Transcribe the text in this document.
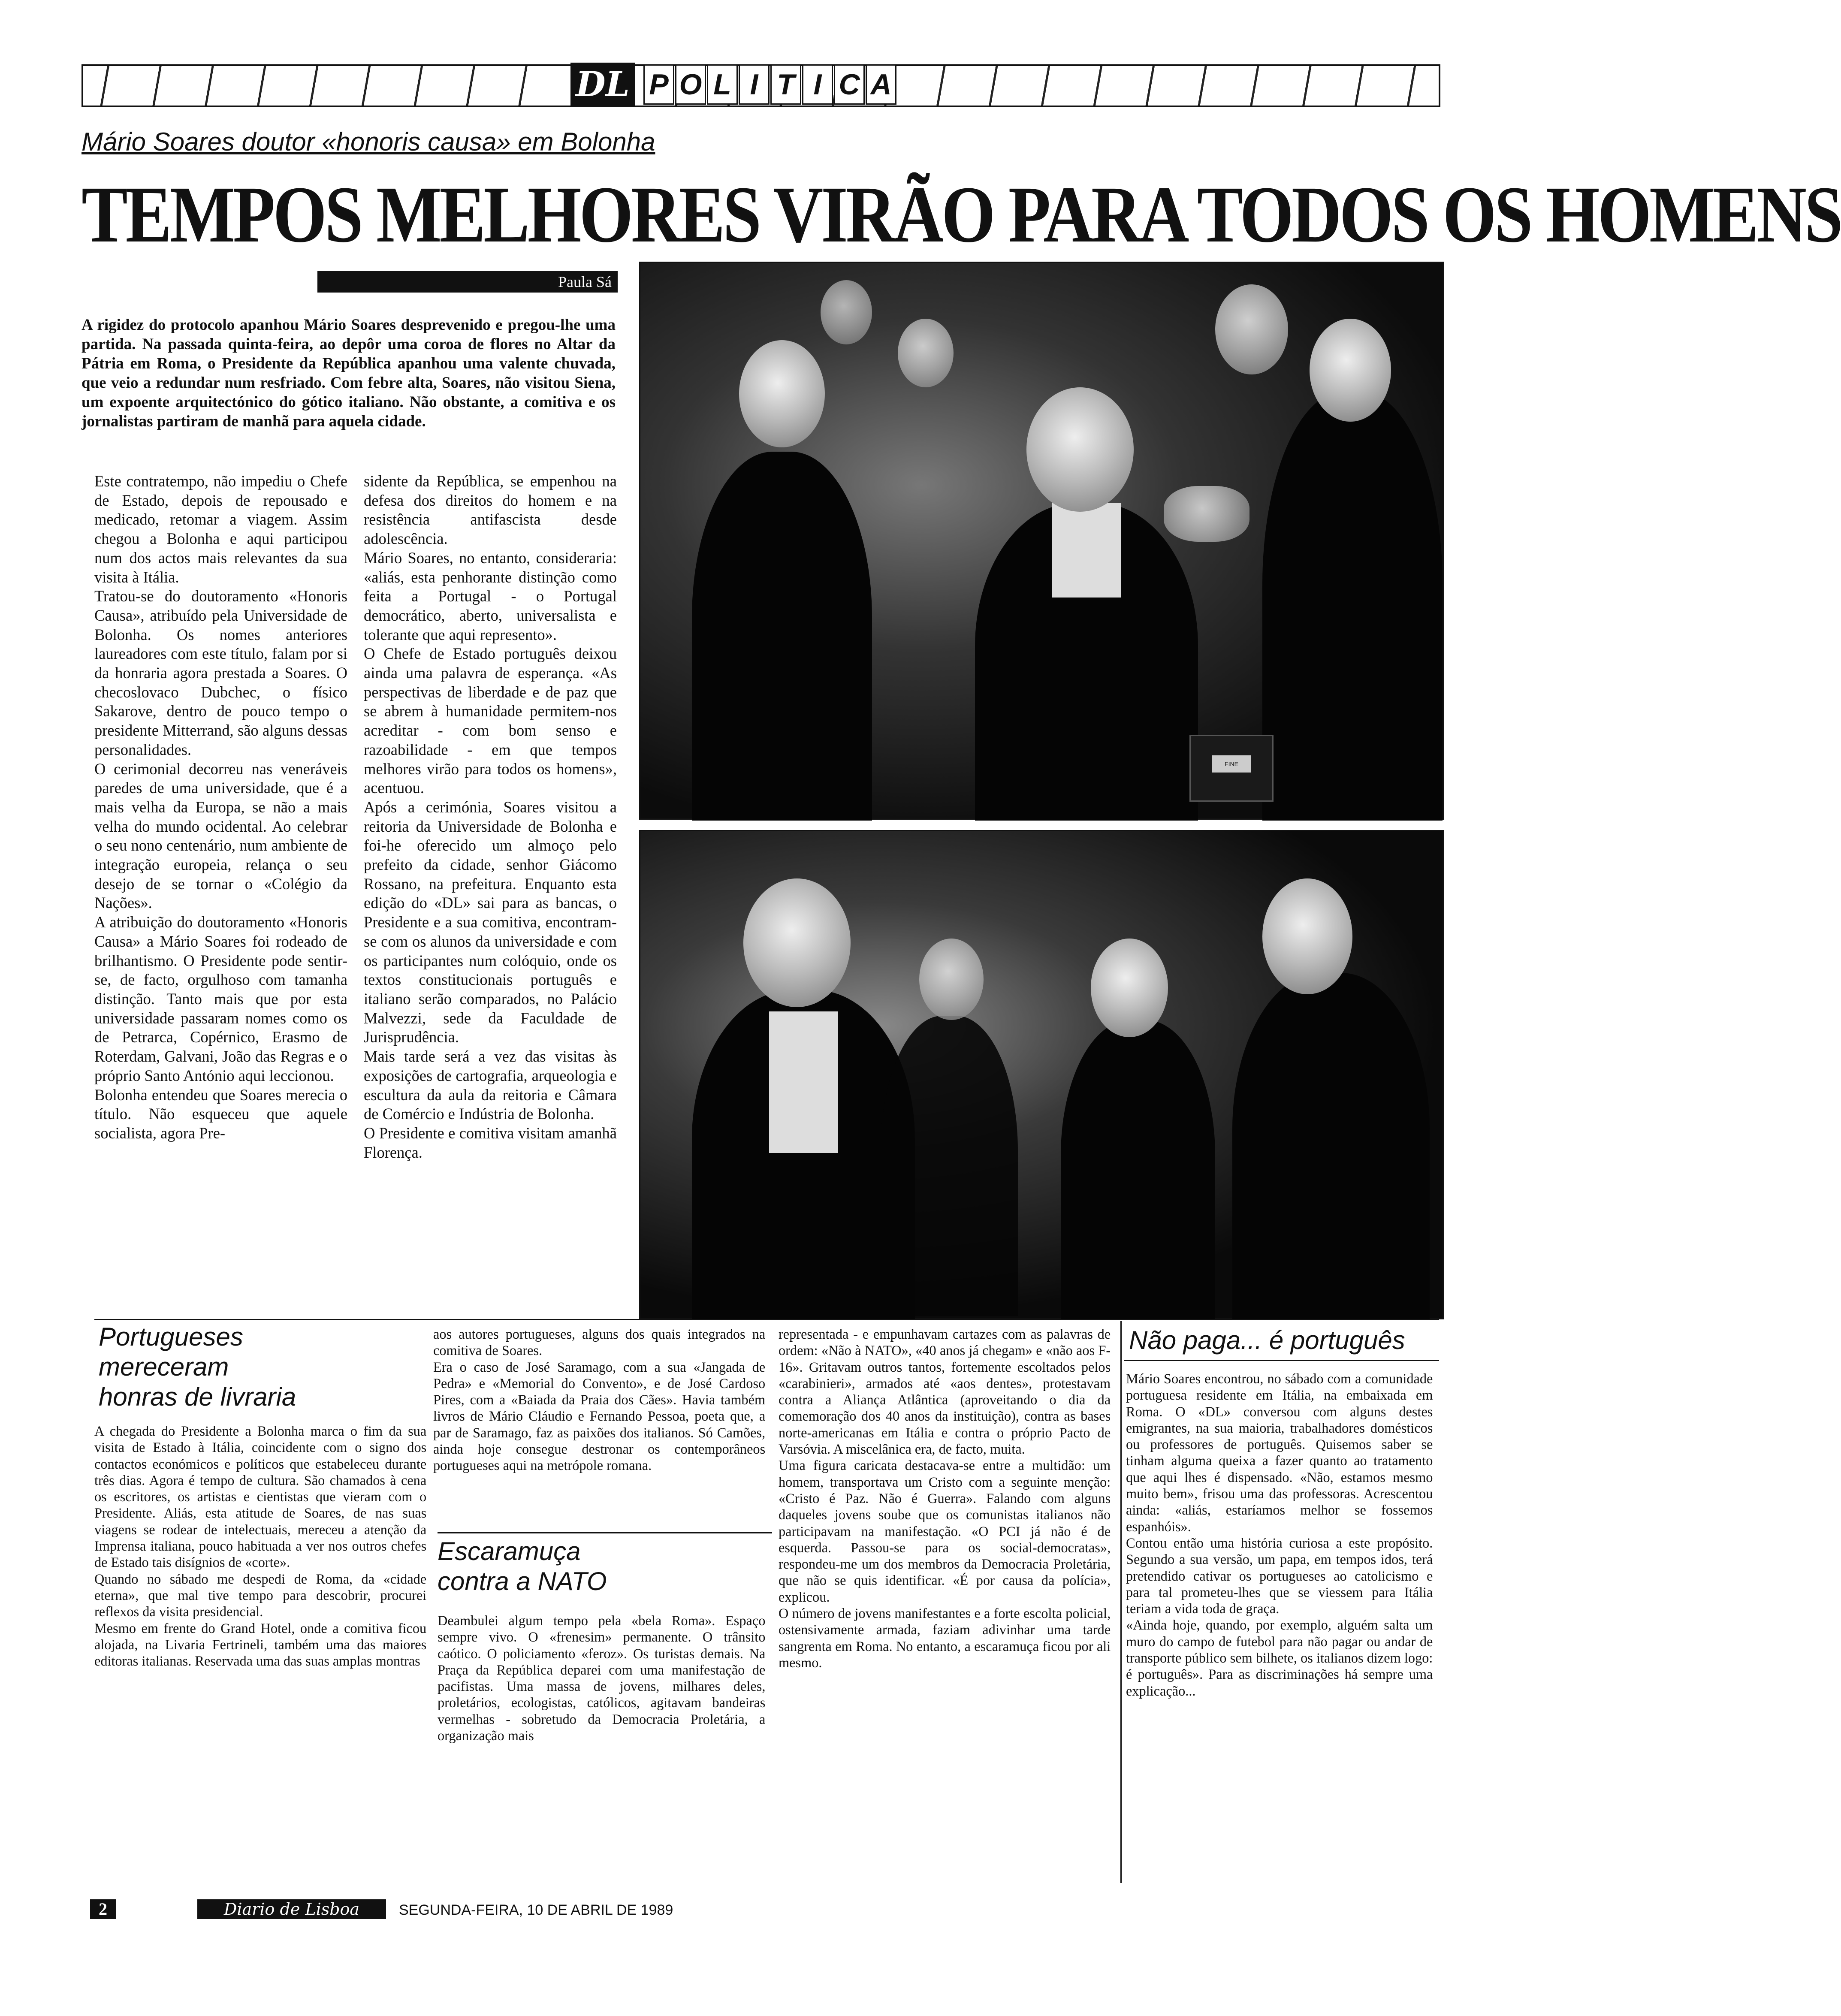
DL P O L I T I C A
Mário Soares doutor «honoris causa» em Bolonha
TEMPOS MELHORES VIRÃO PARA TODOS OS HOMENS
Paula Sá
A rigidez do protocolo apanhou Mário Soares desprevenido e pregou-lhe uma partida. Na passada quinta-feira, ao depôr uma coroa de flores no Altar da Pátria em Roma, o Presidente da República apanhou uma valente chuvada, que veio a redundar num resfriado. Com febre alta, Soares, não visitou Siena, um expoente arquitectónico do gótico italiano. Não obstante, a comitiva e os jornalistas partiram de manhã para aquela cidade.

Este contratempo, não impediu o Chefe de Estado, depois de repousado e medicado, retomar a viagem. Assim chegou a Bolonha e aqui participou num dos actos mais relevantes da sua visita à Itália.

Tratou-se do doutoramento «Honoris Causa», atribuído pela Universidade de Bolonha. Os nomes anteriores laureadores com este título, falam por si da honraria agora prestada a Soares. O checoslovaco Dubchec, o físico Sakarove, dentro de pouco tempo o presidente Mitterrand, são alguns dessas personalidades.

O cerimonial decorreu nas veneráveis paredes de uma universidade, que é a mais velha da Europa, se não a mais velha do mundo ocidental. Ao celebrar o seu nono centenário, num ambiente de integração europeia, relança o seu desejo de se tornar o «Colégio da Nações».

A atribuição do doutoramento «Honoris Causa» a Mário Soares foi rodeado de brilhantismo. O Presidente pode sentir-se, de facto, orgulhoso com tamanha distinção. Tanto mais que por esta universidade passaram nomes como os de Petrarca, Copérnico, Erasmo de Roterdam, Galvani, João das Regras e o próprio Santo António aqui leccionou.

Bolonha entendeu que Soares merecia o título. Não esqueceu que aquele socialista, agora Pre-

sidente da República, se empenhou na defesa dos direitos do homem e na resistência antifascista desde adolescência.

Mário Soares, no entanto, consideraria: «aliás, esta penhorante distinção como feita a Portugal - o Portugal democrático, aberto, universalista e tolerante que aqui represento».

O Chefe de Estado português deixou ainda uma palavra de esperança. «As perspectivas de liberdade e de paz que se abrem à humanidade permitem-nos acreditar - com bom senso e razoabilidade - em que tempos melhores virão para todos os homens», acentuou.

Após a cerimónia, Soares visitou a reitoria da Universidade de Bolonha e foi-he oferecido um almoço pelo prefeito da cidade, senhor Giácomo Rossano, na prefeitura. Enquanto esta edição do «DL» sai para as bancas, o Presidente e a sua comitiva, encontram-se com os alunos da universidade e com os participantes num colóquio, onde os textos constitucionais português e italiano serão comparados, no Palácio Malvezzi, sede da Faculdade de Jurisprudência.

Mais tarde será a vez das visitas às exposições de cartografia, arqueologia e escultura da aula da reitoria e Câmara de Comércio e Indústria de Bolonha.

O Presidente e comitiva visitam amanhã Florença.

FINE
Portugueses
mereceram
honras de livraria

A chegada do Presidente a Bolonha marca o fim da sua visita de Estado à Itália, coincidente com o signo dos contactos económicos e políticos que estabeleceu durante três dias. Agora é tempo de cultura. São chamados à cena os escritores, os artistas e cientistas que vieram com o Presidente. Aliás, esta atitude de Soares, de nas suas viagens se rodear de intelectuais, mereceu a atenção da Imprensa italiana, pouco habituada a ver nos outros chefes de Estado tais disígnios de «corte».

Quando no sábado me despedi de Roma, da «cidade eterna», que mal tive tempo para descobrir, procurei reflexos da visita presidencial.

Mesmo em frente do Grand Hotel, onde a comitiva ficou alojada, na Livaria Fertrineli, também uma das maiores editoras italianas. Reservada uma das suas amplas montras

aos autores portugueses, alguns dos quais integrados na comitiva de Soares.

Era o caso de José Saramago, com a sua «Jangada de Pedra» e «Memorial do Convento», e de José Cardoso Pires, com a «Baiada da Praia dos Cães». Havia também livros de Mário Cláudio e Fernando Pessoa, poeta que, a par de Saramago, faz as paixões dos italianos. Só Camões, ainda hoje consegue destronar os contemporâneos portugueses aqui na metrópole romana.

Escaramuça
contra a NATO

Deambulei algum tempo pela «bela Roma». Espaço sempre vivo. O «frenesim» permanente. O trânsito caótico. O policiamento «feroz». Os turistas demais. Na Praça da República deparei com uma manifestação de pacifistas. Uma massa de jovens, milhares deles, proletários, ecologistas, católicos, agitavam bandeiras vermelhas - sobretudo da Democracia Proletária, a organização mais

representada - e empunhavam cartazes com as palavras de ordem: «Não à NATO», «40 anos já chegam» e «não aos F-16». Gritavam outros tantos, fortemente escoltados pelos «carabinieri», armados até «aos dentes», protestavam contra a Aliança Atlântica (aproveitando o dia da comemoração dos 40 anos da instituição), contra as bases norte-americanas em Itália e contra o próprio Pacto de Varsóvia. A miscelânica era, de facto, muita.

Uma figura caricata destacava-se entre a multidão: um homem, transportava um Cristo com a seguinte menção: «Cristo é Paz. Não é Guerra». Falando com alguns daqueles jovens soube que os comunistas italianos não participavam na manifestação. «O PCI já não é de esquerda. Passou-se para os social-democratas», respondeu-me um dos membros da Democracia Proletária, que não se quis identificar. «É por causa da polícia», explicou.

O número de jovens manifestantes e a forte escolta policial, ostensivamente armada, faziam adivinhar uma tarde sangrenta em Roma. No entanto, a escaramuça ficou por ali mesmo.

Não paga... é português

Mário Soares encontrou, no sábado com a comunidade portuguesa residente em Itália, na embaixada em Roma. O «DL» conversou com alguns destes emigrantes, na sua maioria, trabalhadores domésticos ou professores de português. Quisemos saber se tinham alguma queixa a fazer quanto ao tratamento que aqui lhes é dispensado. «Não, estamos mesmo muito bem», frisou uma das professoras. Acrescentou ainda: «aliás, estaríamos melhor se fossemos espanhóis».

Contou então uma história curiosa a este propósito. Segundo a sua versão, um papa, em tempos idos, terá pretendido cativar os portugueses ao catolicismo e para tal prometeu-lhes que se viessem para Itália teriam a vida toda de graça.

«Ainda hoje, quando, por exemplo, alguém salta um muro do campo de futebol para não pagar ou andar de transporte público sem bilhete, os italianos dizem logo: é português». Para as discriminações há sempre uma explicação...

2	Diario de Lisboa	SEGUNDA-FEIRA, 10 DE ABRIL DE 1989
